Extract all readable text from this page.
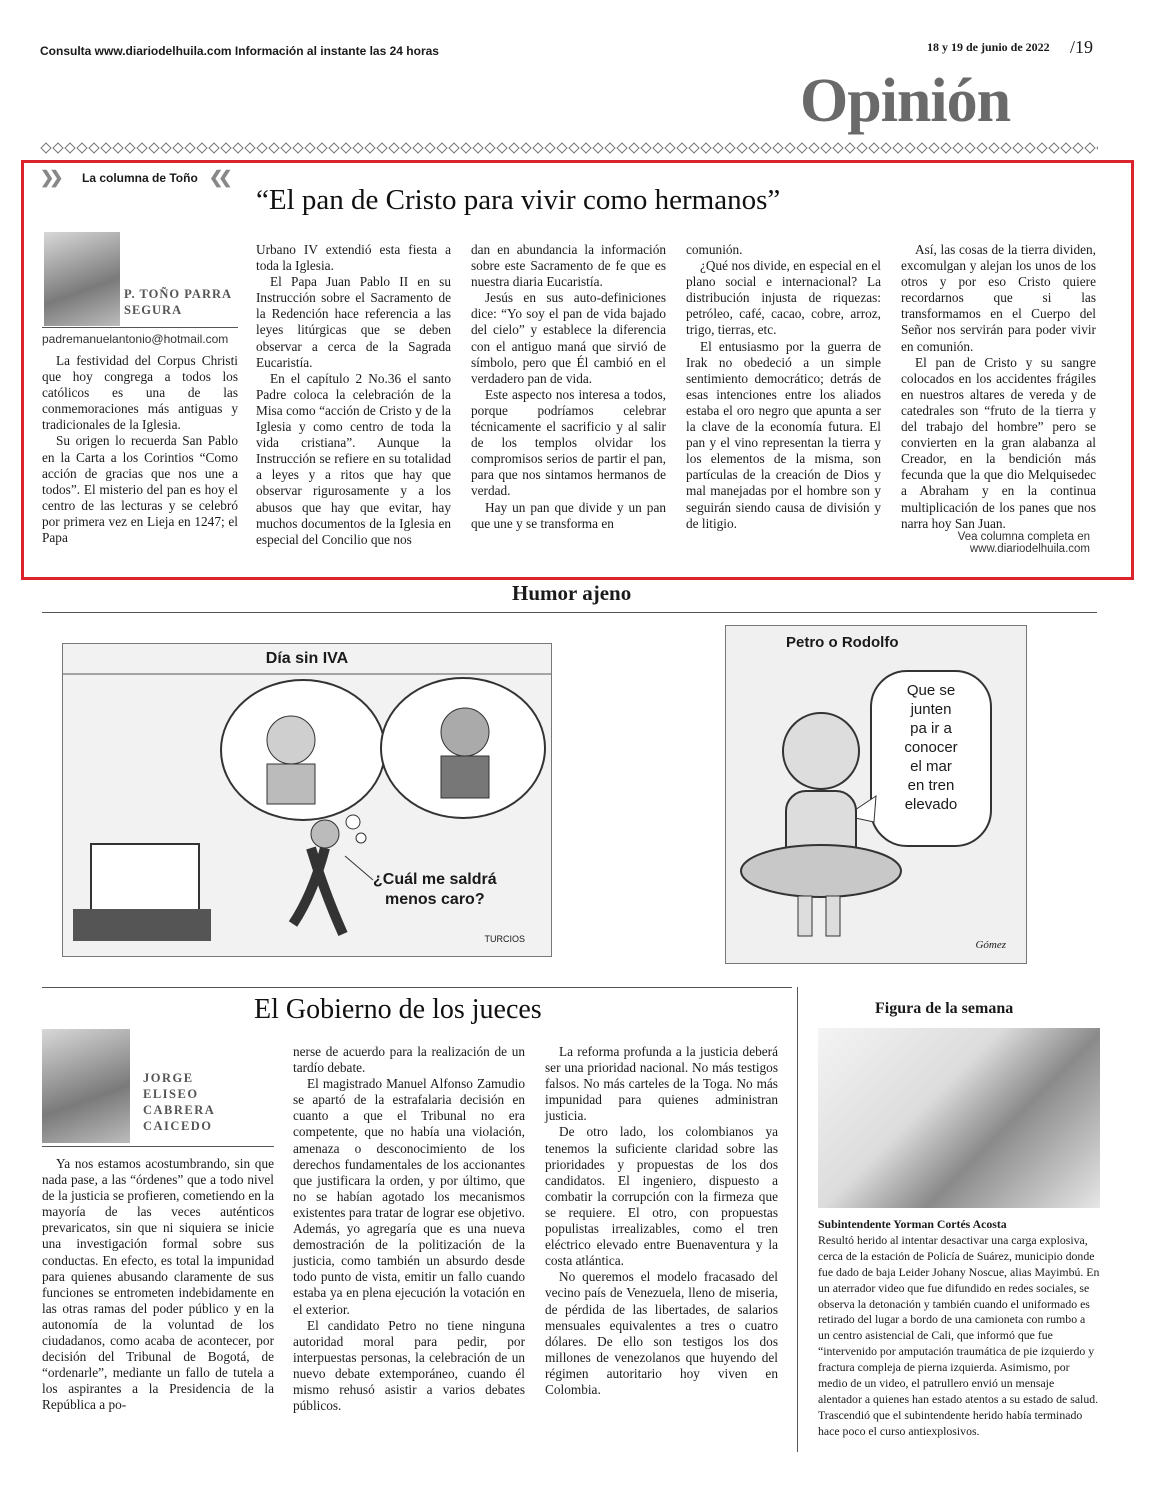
Consulta www.diariodelhuila.com Información al instante las 24 horas	18 y 19 de junio de 2022 /19
Opinión
❯❯ La columna de Toño ❮❮
“El pan de Cristo para vivir como hermanos”
P. TOÑO PARRA
SEGURA
padremanuelantonio@hotmail.com

La festividad del Corpus Christi que hoy congrega a todos los católicos es una de las conmemoraciones más antiguas y tradicionales de la Iglesia.

Su origen lo recuerda San Pablo en la Carta a los Corintios “Como acción de gracias que nos une a todos”. El misterio del pan es hoy el centro de las lecturas y se celebró por primera vez en Lieja en 1247; el Papa

Urbano IV extendió esta fiesta a toda la Iglesia.

El Papa Juan Pablo II en su Instrucción sobre el Sacramento de la Redención hace referencia a las leyes litúrgicas que se deben observar a cerca de la Sagrada Eucaristía.

En el capítulo 2 No.36 el santo Padre coloca la celebración de la Misa como “acción de Cristo y de la Iglesia y como centro de toda la vida cristiana”. Aunque la Instrucción se refiere en su totalidad a leyes y a ritos que hay que observar rigurosamente y a los abusos que hay que evitar, hay muchos documentos de la Iglesia en especial del Concilio que nos

dan en abundancia la información sobre este Sacramento de fe que es nuestra diaria Eucaristía.

Jesús en sus auto-definiciones dice: “Yo soy el pan de vida bajado del cielo” y establece la diferencia con el antiguo maná que sirvió de símbolo, pero que Él cambió en el verdadero pan de vida.

Este aspecto nos interesa a todos, porque podríamos celebrar técnicamente el sacrificio y al salir de los templos olvidar los compromisos serios de partir el pan, para que nos sintamos hermanos de verdad.

Hay un pan que divide y un pan que une y se transforma en

comunión.

¿Qué nos divide, en especial en el plano social e internacional? La distribución injusta de riquezas: petróleo, café, cacao, cobre, arroz, trigo, tierras, etc.

El entusiasmo por la guerra de Irak no obedeció a un simple sentimiento democrático; detrás de esas intenciones entre los aliados estaba el oro negro que apunta a ser la clave de la economía futura. El pan y el vino representan la tierra y los elementos de la misma, son partículas de la creación de Dios y mal manejadas por el hombre son y seguirán siendo causa de división y de litigio.

Así, las cosas de la tierra dividen, excomulgan y alejan los unos de los otros y por eso Cristo quiere recordarnos que si las transformamos en el Cuerpo del Señor nos servirán para poder vivir en comunión.

El pan de Cristo y su sangre colocados en los accidentes frágiles en nuestros altares de vereda y de catedrales son “fruto de la tierra y del trabajo del hombre” pero se convierten en la gran alabanza al Creador, en la bendición más fecunda que la que dio Melquisedec a Abraham y en la continua multiplicación de los panes que nos narra hoy San Juan.

Vea columna completa en
www.diariodelhuila.com
Humor ajeno
Día sin IVA
¿Cuál me saldrá
menos caro?
TURCIOS
Petro o Rodolfo
Que se
junten
pa ir a
conocer
el mar
en tren
elevado
Gómez
El Gobierno de los jueces
JORGE
ELISEO
CABRERA
CAICEDO

Ya nos estamos acostumbrando, sin que nada pase, a las “órdenes” que a todo nivel de la justicia se profieren, cometiendo en la mayoría de las veces auténticos prevaricatos, sin que ni siquiera se inicie una investigación formal sobre sus conductas. En efecto, es total la impunidad para quienes abusando claramente de sus funciones se entrometen indebidamente en las otras ramas del poder público y en la autonomía de la voluntad de los ciudadanos, como acaba de acontecer, por decisión del Tribunal de Bogotá, de “ordenarle”, mediante un fallo de tutela a los aspirantes a la Presidencia de la República a po-

nerse de acuerdo para la realización de un tardío debate.

El magistrado Manuel Alfonso Zamudio se apartó de la estrafalaria decisión en cuanto a que el Tribunal no era competente, que no había una violación, amenaza o desconocimiento de los derechos fundamentales de los accionantes que justificara la orden, y por último, que no se habían agotado los mecanismos existentes para tratar de lograr ese objetivo. Además, yo agregaría que es una nueva demostración de la politización de la justicia, como también un absurdo desde todo punto de vista, emitir un fallo cuando estaba ya en plena ejecución la votación en el exterior.

El candidato Petro no tiene ninguna autoridad moral para pedir, por interpuestas personas, la celebración de un nuevo debate extemporáneo, cuando él mismo rehusó asistir a varios debates públicos.

La reforma profunda a la justicia deberá ser una prioridad nacional. No más testigos falsos. No más carteles de la Toga. No más impunidad para quienes administran justicia.

De otro lado, los colombianos ya tenemos la suficiente claridad sobre las prioridades y propuestas de los dos candidatos. El ingeniero, dispuesto a combatir la corrupción con la firmeza que se requiere. El otro, con propuestas populistas irrealizables, como el tren eléctrico elevado entre Buenaventura y la costa atlántica.

No queremos el modelo fracasado del vecino país de Venezuela, lleno de miseria, de pérdida de las libertades, de salarios mensuales equivalentes a tres o cuatro dólares. De ello son testigos los dos millones de venezolanos que huyendo del régimen autoritario hoy viven en Colombia.

Figura de la semana
Subintendente Yorman Cortés Acosta
Resultó herido al intentar desactivar una carga explosiva, cerca de la estación de Policía de Suárez, municipio donde fue dado de baja Leider Johany Noscue, alias Mayimbú. En un aterrador video que fue difundido en redes sociales, se observa la detonación y también cuando el uniformado es retirado del lugar a bordo de una camioneta con rumbo a un centro asistencial de Cali, que informó que fue “intervenido por amputación traumática de pie izquierdo y fractura compleja de pierna izquierda. Asimismo, por medio de un video, el patrullero envió un mensaje alentador a quienes han estado atentos a su estado de salud. Trascendió que el subintendente herido había terminado hace poco el curso antiexplosivos.
